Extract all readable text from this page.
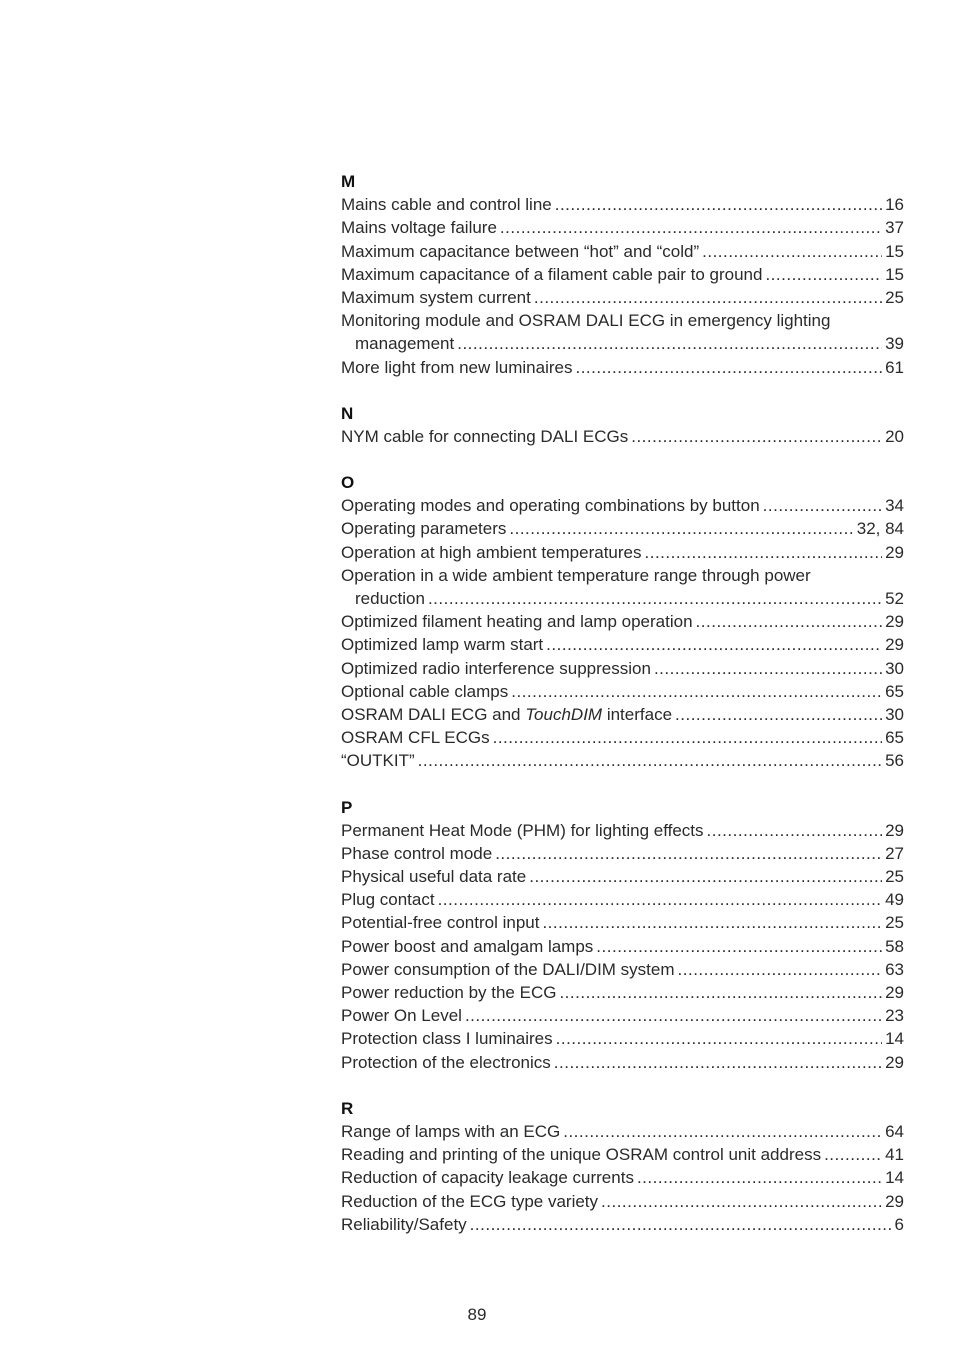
M
Mains cable and control line .....	16
Mains voltage failure .....	37
Maximum capacitance between “hot” and “cold” .....	15
Maximum capacitance of a filament cable pair to ground .....	15
Maximum system current .....	25
Monitoring module and OSRAM DALI ECG in emergency lighting
management .....	39
More light from new luminaires .....	61
N
NYM cable for connecting DALI ECGs .....	20
O
Operating modes and operating combinations by button .....	34
Operating parameters .....	32, 84
Operation at high ambient temperatures .....	29
Operation in a wide ambient temperature range through power
reduction .....	52
Optimized filament heating and lamp operation .....	29
Optimized lamp warm start .....	29
Optimized radio interference suppression .....	30
Optional cable clamps .....	65
OSRAM DALI ECG and TouchDIM interface .....	30
OSRAM CFL ECGs .....	65
“OUTKIT” .....	56
P
Permanent Heat Mode (PHM) for lighting effects .....	29
Phase control mode .....	27
Physical useful data rate .....	25
Plug contact .....	49
Potential-free control input .....	25
Power boost and amalgam lamps .....	58
Power consumption of the DALI/DIM system .....	63
Power reduction by the ECG .....	29
Power On Level .....	23
Protection class I luminaires .....	14
Protection of the electronics .....	29
R
Range of lamps with an ECG .....	64
Reading and printing of the unique OSRAM control unit address .....	41
Reduction of capacity leakage currents .....	14
Reduction of the ECG type variety .....	29
Reliability/Safety .....	6
89
